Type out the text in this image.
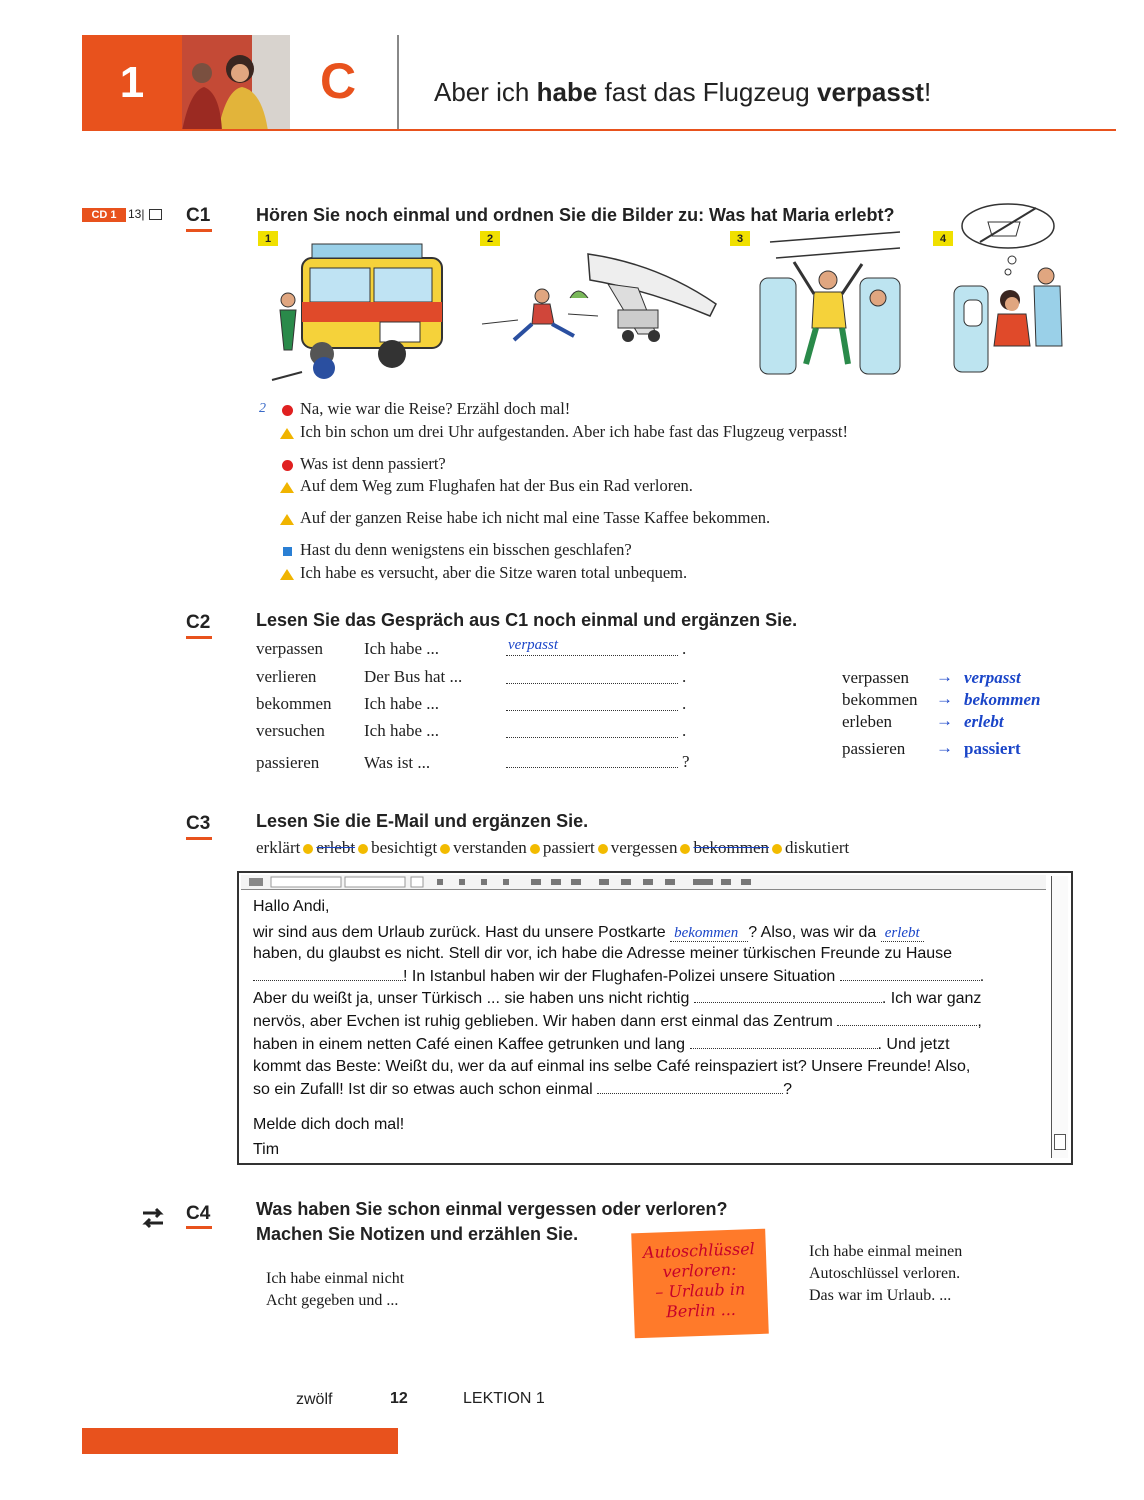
1	C	Aber ich habe fast das Flugzeug verpasst!
CD 1 13| C1	Hören Sie noch einmal und ordnen Sie die Bilder zu: Was hat Maria erlebt?
1	2	3	4
2 Na, wie war die Reise? Erzähl doch mal!
Ich bin schon um drei Uhr aufgestanden. Aber ich habe fast das Flugzeug verpasst!
Was ist denn passiert?
Auf dem Weg zum Flughafen hat der Bus ein Rad verloren.
Auf der ganzen Reise habe ich nicht mal eine Tasse Kaffee bekommen.
Hast du denn wenigstens ein bisschen geschlafen?
Ich habe es versucht, aber die Sitze waren total unbequem.
C2	Lesen Sie das Gespräch aus C1 noch einmal und ergänzen Sie.
verpassen Ich habe ...	verpasst	.
verlieren	Der Bus hat ...	.
bekommen Ich habe ...	.
versuchen Ich habe ...	.
passieren	Was ist ...	?
verpassen → verpasst
bekommen → bekommen
erleben	→ erlebt
passieren → passiert
C3	Lesen Sie die E-Mail und ergänzen Sie.
erklärt erlebt besichtigt verstanden passiert vergessen bekommen diskutiert
Hallo Andi,
wir sind aus dem Urlaub zurück. Hast du unsere Postkarte bekommen ? Also, was wir da erlebt
haben, du glaubst es nicht. Stell dir vor, ich habe die Adresse meiner türkischen Freunde zu Hause
! In Istanbul haben wir der Flughafen-Polizei unsere Situation	.
Aber du weißt ja, unser Türkisch ... sie haben uns nicht richtig	. Ich war ganz
nervös, aber Evchen ist ruhig geblieben. Wir haben dann erst einmal das Zentrum	,
haben in einem netten Café einen Kaffee getrunken und lang	. Und jetzt
kommt das Beste: Weißt du, wer da auf einmal ins selbe Café reinspaziert ist? Unsere Freunde! Also,
so ein Zufall! Ist dir so etwas auch schon einmal	?
Melde dich doch mal!
Tim
C4	Was haben Sie schon einmal vergessen oder verloren?
Machen Sie Notizen und erzählen Sie.
Ich habe einmal nicht
Acht gegeben und ...
Autoschlüssel
verloren:
– Urlaub in
Berlin ...
Ich habe einmal meinen
Autoschlüssel verloren.
Das war im Urlaub. ...
zwölf	12	LEKTION 1
